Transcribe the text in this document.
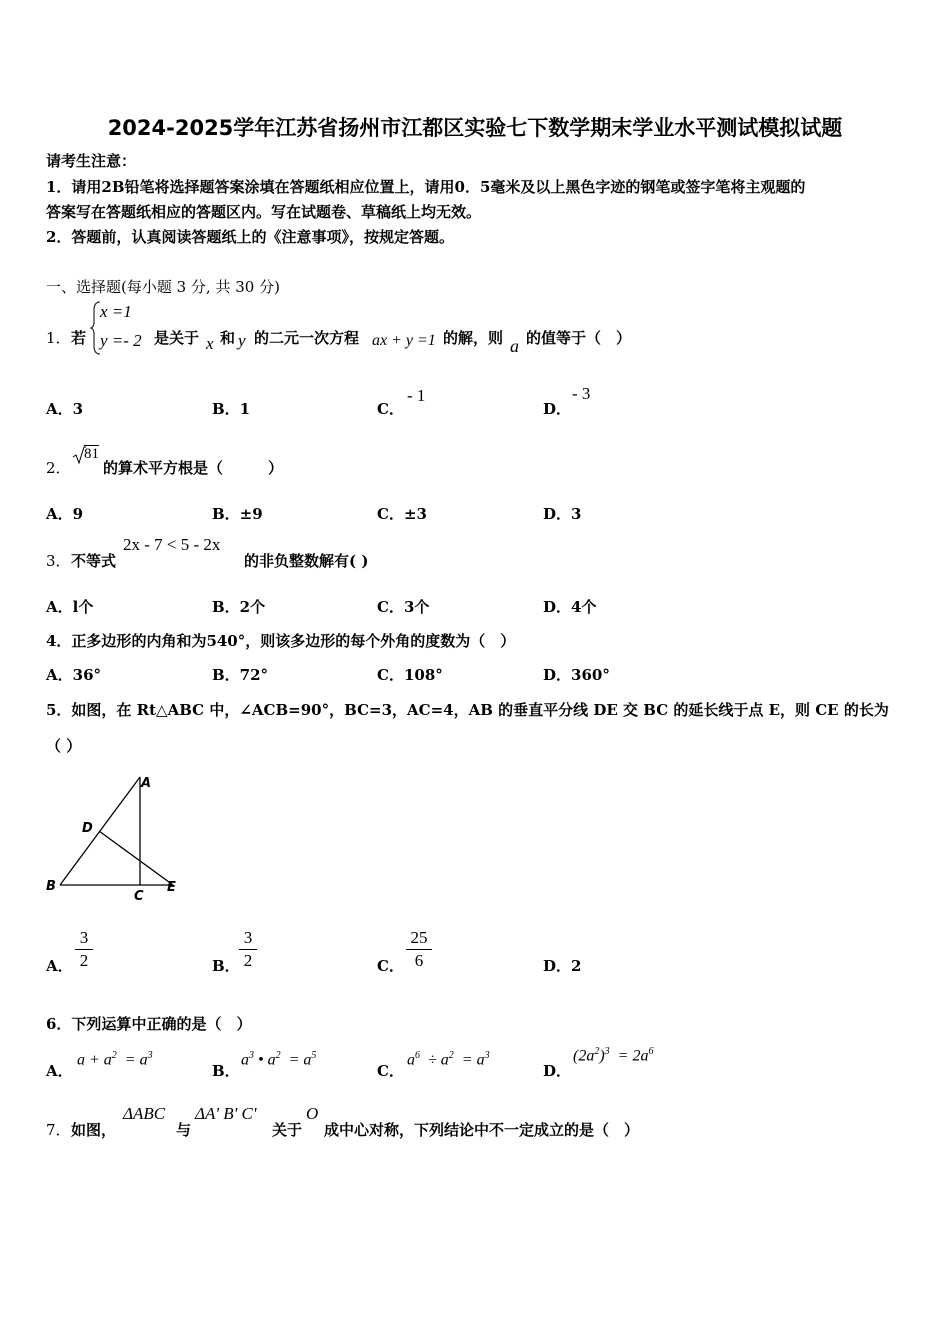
2024-2025学年江苏省扬州市江都区实验七下数学期末学业水平测试模拟试题
请考生注意：
1．请用2B铅笔将选择题答案涂填在答题纸相应位置上，请用0．5毫米及以上黑色字迹的钢笔或签字笔将主观题的
答案写在答题纸相应的答题区内。写在试题卷、草稿纸上均无效。
2．答题前，认真阅读答题纸上的《注意事项》，按规定答题。
一、选择题(每小题 3 分, 共 30 分)
1． 若
x =1
y =- 2 是关于 x 和 y 的二元一次方程 ax + y =1 的解，则 a 的值等于（　）
A．3	B．1	C．
- 1
D．
- 3
2．
81
的算术平方根是（　　　）
A．9	B．±9	C．±3	D．3
3． 不等式
2x - 7 < 5 - 2x
的非负整数解有( )
A．l个	B．2个	C．3个	D．4个
4．正多边形的内角和为540°，则该多边形的每个外角的度数为（　）
A．36°	B．72°	C．108°	D．360°
5．如图，在 Rt△ABC 中，∠ACB=90°，BC=3，AC=4，AB 的垂直平分线 DE 交 BC 的延长线于点 E，则 CE 的长为
（ ）
A
D
B
C
E
A．
3
2	B．
3
2	C．
25
6	D．2
6．下列运算中正确的是（　）
A．
$a + a^2 = a^3$
B．
$a^3$ • $a^2 = a^5$
C．
$a^6 \div a^2 = a^3$
D．
$(2a^2)^3 = 2a^6$
7． 如图，
ΔABC
与
ΔA' B' C'
关于
O
成中心对称，下列结论中不一定成立的是（　）
